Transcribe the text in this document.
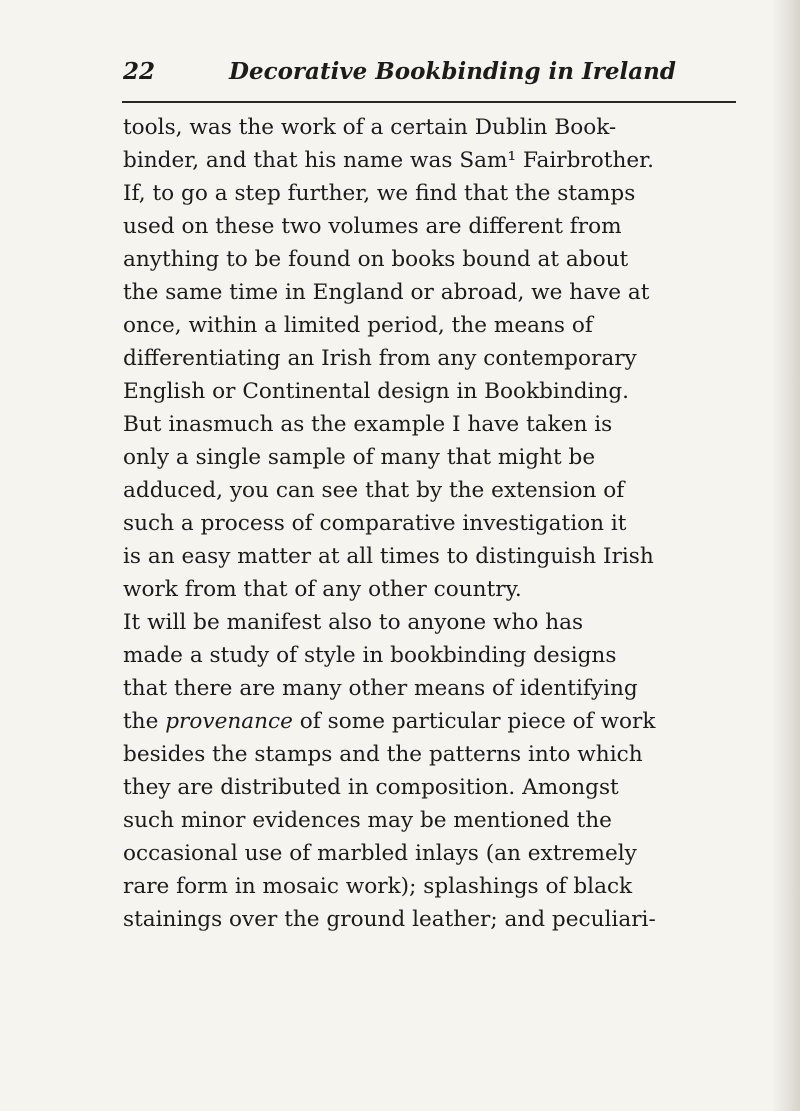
22	Decorative Bookbinding in Ireland
tools, was the work of a certain Dublin Book-
binder, and that his name was Sam¹ Fairbrother.
If, to go a step further, we find that the stamps
used on these two volumes are different from
anything to be found on books bound at about
the same time in England or abroad, we have at
once, within a limited period, the means of
differentiating an Irish from any contemporary
English or Continental design in Bookbinding.
But inasmuch as the example I have taken is
only a single sample of many that might be
adduced, you can see that by the extension of
such a process of comparative investigation it
is an easy matter at all times to distinguish Irish
work from that of any other country.
It will be manifest also to anyone who has
made a study of style in bookbinding designs
that there are many other means of identifying
the provenance of some particular piece of work
besides the stamps and the patterns into which
they are distributed in composition. Amongst
such minor evidences may be mentioned the
occasional use of marbled inlays (an extremely
rare form in mosaic work); splashings of black
stainings over the ground leather; and peculiari-
